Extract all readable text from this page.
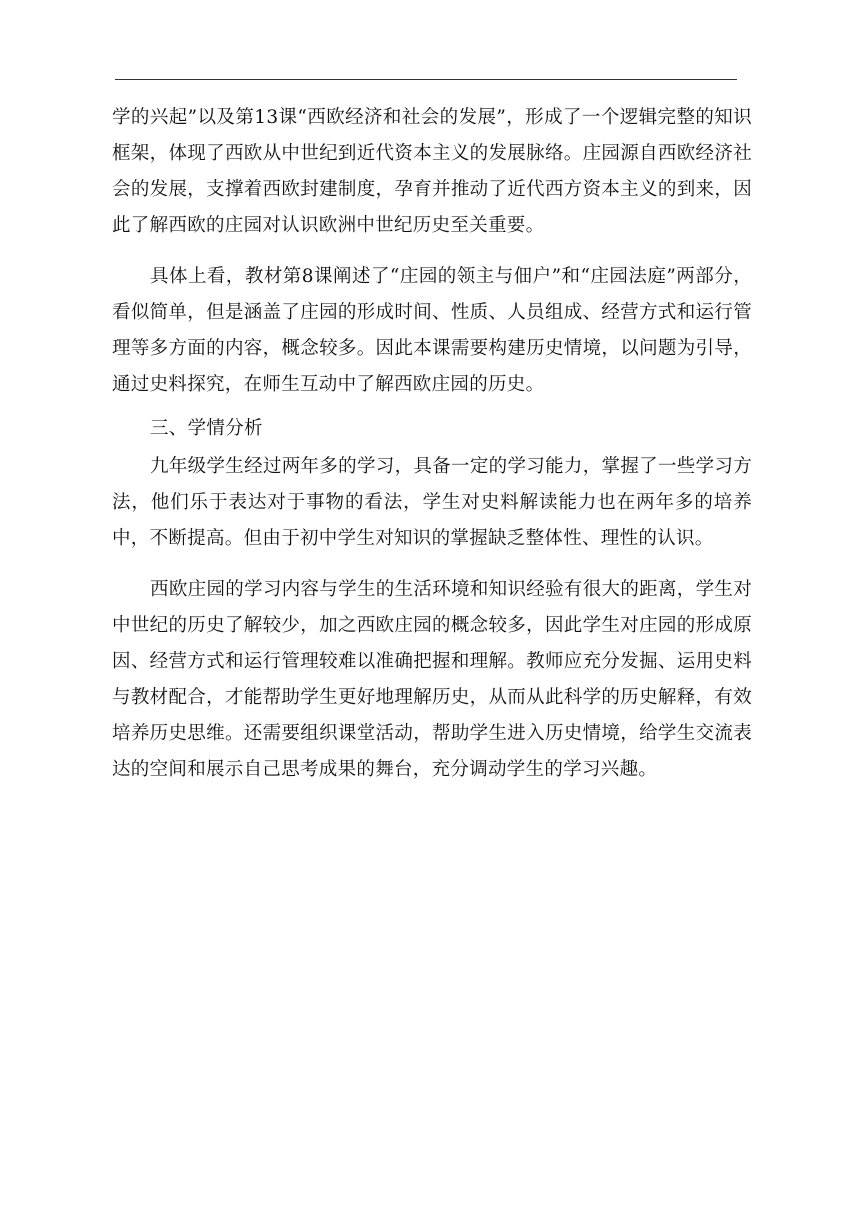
学的兴起”以及第13课“西欧经济和社会的发展”，形成了一个逻辑完整的知识框架，体现了西欧从中世纪到近代资本主义的发展脉络。庄园源自西欧经济社会的发展，支撑着西欧封建制度，孕育并推动了近代西方资本主义的到来，因此了解西欧的庄园对认识欧洲中世纪历史至关重要。

具体上看，教材第8课阐述了“庄园的领主与佃户”和“庄园法庭”两部分，看似简单，但是涵盖了庄园的形成时间、性质、人员组成、经营方式和运行管理等多方面的内容，概念较多。因此本课需要构建历史情境，以问题为引导，通过史料探究，在师生互动中了解西欧庄园的历史。

三、学情分析

九年级学生经过两年多的学习，具备一定的学习能力，掌握了一些学习方法，他们乐于表达对于事物的看法，学生对史料解读能力也在两年多的培养中，不断提高。但由于初中学生对知识的掌握缺乏整体性、理性的认识。

西欧庄园的学习内容与学生的生活环境和知识经验有很大的距离，学生对中世纪的历史了解较少，加之西欧庄园的概念较多，因此学生对庄园的形成原因、经营方式和运行管理较难以准确把握和理解。教师应充分发掘、运用史料与教材配合，才能帮助学生更好地理解历史，从而从此科学的历史解释，有效培养历史思维。还需要组织课堂活动，帮助学生进入历史情境，给学生交流表达的空间和展示自己思考成果的舞台，充分调动学生的学习兴趣。
